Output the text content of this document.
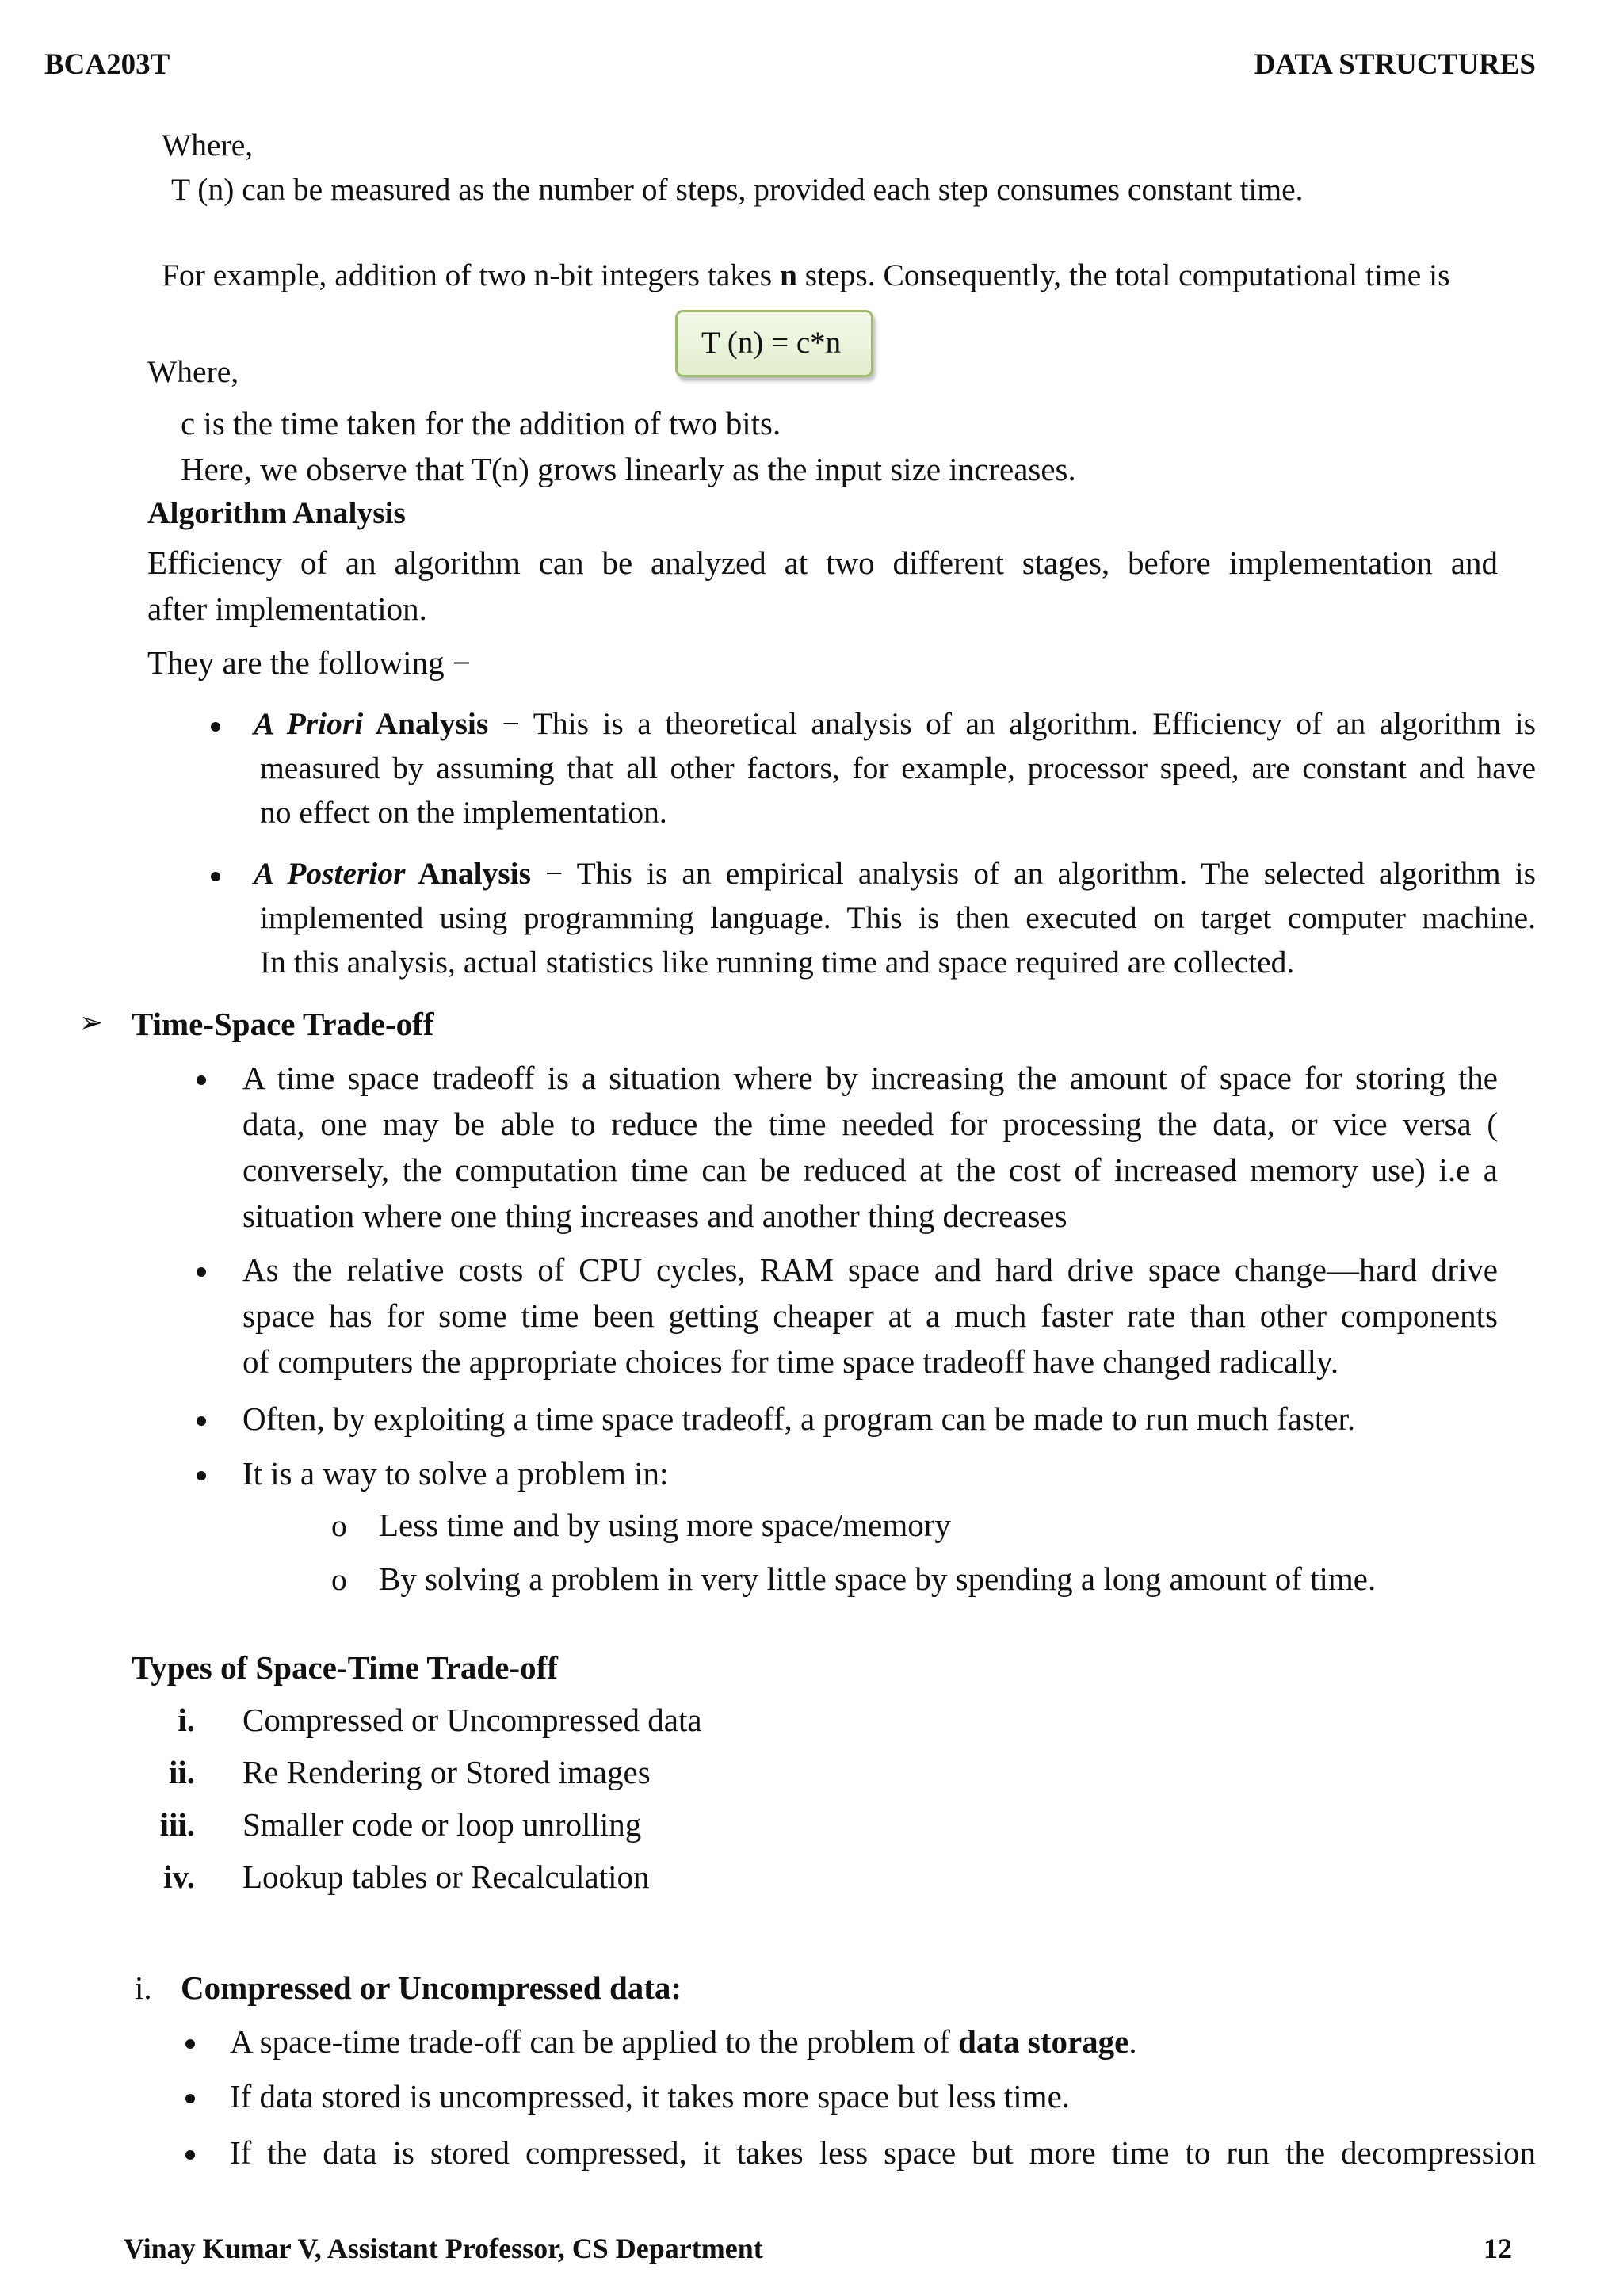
BCA203T	DATA STRUCTURES
Where,
T (n) can be measured as the number of steps, provided each step consumes constant time.
For example, addition of two n-bit integers takes n steps. Consequently, the total computational time is
T (n) = c*n
Where,
c is the time taken for the addition of two bits.
Here, we observe that T(n) grows linearly as the input size increases.
Algorithm Analysis
Efficiency of an algorithm can be analyzed at two different stages, before implementation and
after implementation.
They are the following −
A Priori Analysis − This is a theoretical analysis of an algorithm. Efficiency of an algorithm is
measured by assuming that all other factors, for example, processor speed, are constant and have
no effect on the implementation.
A Posterior Analysis − This is an empirical analysis of an algorithm. The selected algorithm is
implemented using programming language. This is then executed on target computer machine.
In this analysis, actual statistics like running time and space required are collected.
➢ Time-Space Trade-off
A time space tradeoff is a situation where by increasing the amount of space for storing the
data, one may be able to reduce the time needed for processing the data, or vice versa (
conversely, the computation time can be reduced at the cost of increased memory use) i.e a
situation where one thing increases and another thing decreases
As the relative costs of CPU cycles, RAM space and hard drive space change—hard drive
space has for some time been getting cheaper at a much faster rate than other components
of computers the appropriate choices for time space tradeoff have changed radically.
Often, by exploiting a time space tradeoff, a program can be made to run much faster.
It is a way to solve a problem in:
o Less time and by using more space/memory
o By solving a problem in very little space by spending a long amount of time.
Types of Space-Time Trade-off
i. Compressed or Uncompressed data
ii. Re Rendering or Stored images
iii. Smaller code or loop unrolling
iv. Lookup tables or Recalculation
i. Compressed or Uncompressed data:
A space-time trade-off can be applied to the problem of data storage.
If data stored is uncompressed, it takes more space but less time.
If the data is stored compressed, it takes less space but more time to run the decompression
Vinay Kumar V, Assistant Professor, CS Department	12
